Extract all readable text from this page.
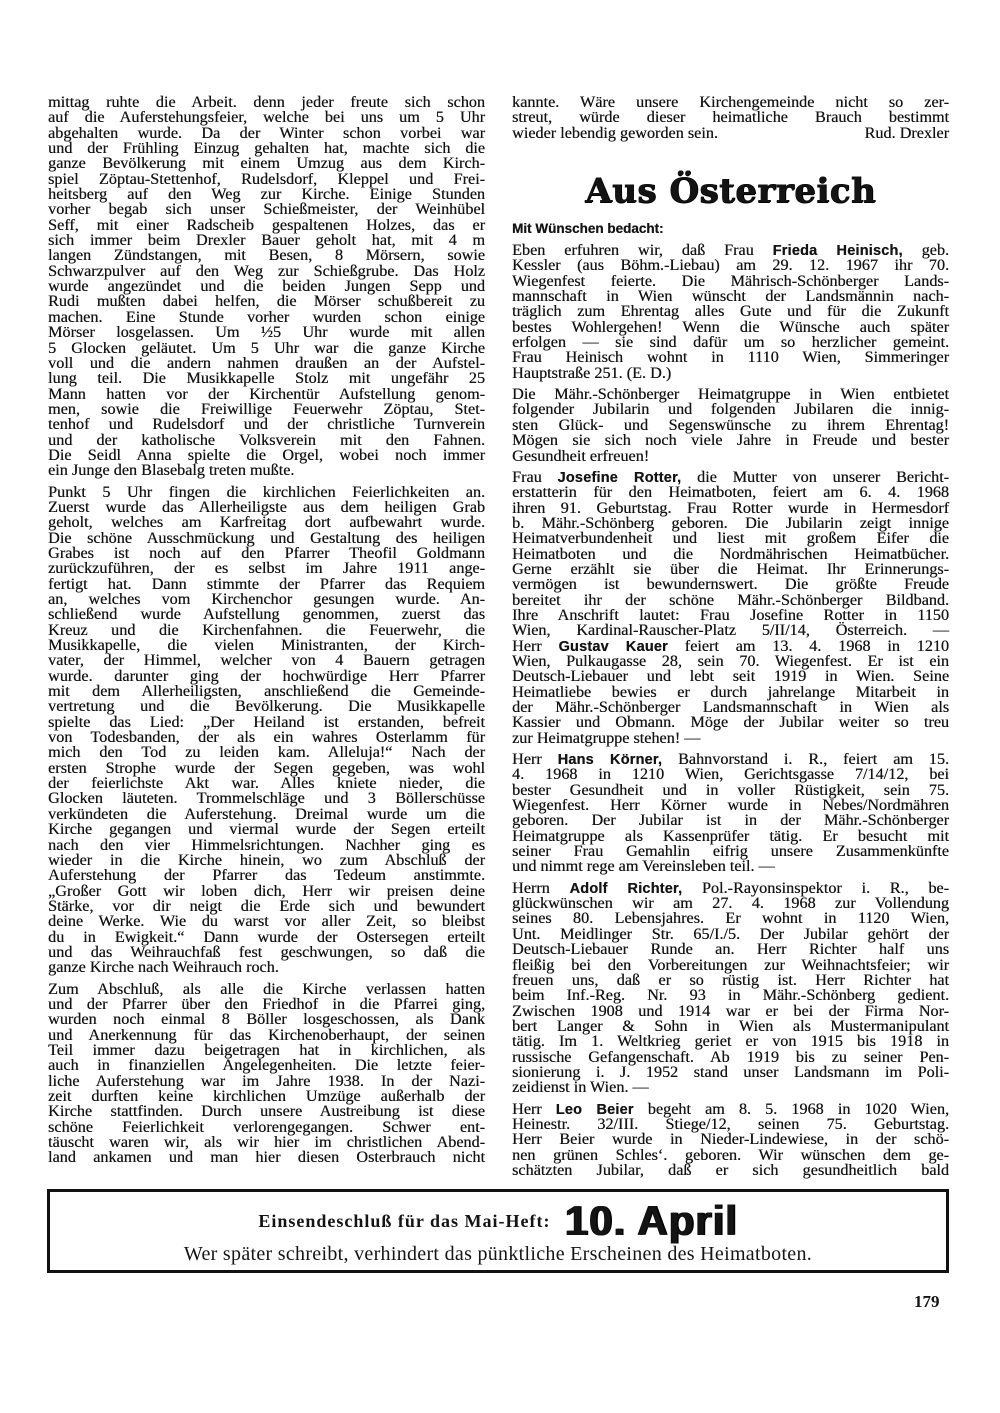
mittag ruhte die Arbeit. denn jeder freute sich schon
auf die Auferstehungsfeier, welche bei uns um 5 Uhr
abgehalten wurde. Da der Winter schon vorbei war
und der Frühling Einzug gehalten hat, machte sich die
ganze Bevölkerung mit einem Umzug aus dem Kirch-
spiel Zöptau-Stettenhof, Rudelsdorf, Kleppel und Frei-
heitsberg auf den Weg zur Kirche. Einige Stunden
vorher begab sich unser Schießmeister, der Weinhübel
Seff, mit einer Radscheib gespaltenen Holzes, das er
sich immer beim Drexler Bauer geholt hat, mit 4 m
langen Zündstangen, mit Besen, 8 Mörsern, sowie
Schwarzpulver auf den Weg zur Schießgrube. Das Holz
wurde angezündet und die beiden Jungen Sepp und
Rudi mußten dabei helfen, die Mörser schußbereit zu
machen. Eine Stunde vorher wurden schon einige
Mörser losgelassen. Um ½5 Uhr wurde mit allen
5 Glocken geläutet. Um 5 Uhr war die ganze Kirche
voll und die andern nahmen draußen an der Aufstel-
lung teil. Die Musikkapelle Stolz mit ungefähr 25
Mann hatten vor der Kirchentür Aufstellung genom-
men, sowie die Freiwillige Feuerwehr Zöptau, Stet-
tenhof und Rudelsdorf und der christliche Turnverein
und der katholische Volksverein mit den Fahnen.
Die Seidl Anna spielte die Orgel, wobei noch immer
ein Junge den Blasebalg treten mußte.
Punkt 5 Uhr fingen die kirchlichen Feierlichkeiten an.
Zuerst wurde das Allerheiligste aus dem heiligen Grab
geholt, welches am Karfreitag dort aufbewahrt wurde.
Die schöne Ausschmückung und Gestaltung des heiligen
Grabes ist noch auf den Pfarrer Theofil Goldmann
zurückzuführen, der es selbst im Jahre 1911 ange-
fertigt hat. Dann stimmte der Pfarrer das Requiem
an, welches vom Kirchenchor gesungen wurde. An-
schließend wurde Aufstellung genommen, zuerst das
Kreuz und die Kirchenfahnen. die Feuerwehr, die
Musikkapelle, die vielen Ministranten, der Kirch-
vater, der Himmel, welcher von 4 Bauern getragen
wurde. darunter ging der hochwürdige Herr Pfarrer
mit dem Allerheiligsten, anschließend die Gemeinde-
vertretung und die Bevölkerung. Die Musikkapelle
spielte das Lied: „Der Heiland ist erstanden, befreit
von Todesbanden, der als ein wahres Osterlamm für
mich den Tod zu leiden kam. Alleluja!“ Nach der
ersten Strophe wurde der Segen gegeben, was wohl
der feierlichste Akt war. Alles kniete nieder, die
Glocken läuteten. Trommelschläge und 3 Böllerschüsse
verkündeten die Auferstehung. Dreimal wurde um die
Kirche gegangen und viermal wurde der Segen erteilt
nach den vier Himmelsrichtungen. Nachher ging es
wieder in die Kirche hinein, wo zum Abschluß der
Auferstehung der Pfarrer das Tedeum anstimmte.
„Großer Gott wir loben dich, Herr wir preisen deine
Stärke, vor dir neigt die Erde sich und bewundert
deine Werke. Wie du warst vor aller Zeit, so bleibst
du in Ewigkeit.“ Dann wurde der Ostersegen erteilt
und das Weihrauchfaß fest geschwungen, so daß die
ganze Kirche nach Weihrauch roch.
Zum Abschluß, als alle die Kirche verlassen hatten
und der Pfarrer über den Friedhof in die Pfarrei ging,
wurden noch einmal 8 Böller losgeschossen, als Dank
und Anerkennung für das Kirchenoberhaupt, der seinen
Teil immer dazu beigetragen hat in kirchlichen, als
auch in finanziellen Angelegenheiten. Die letzte feier-
liche Auferstehung war im Jahre 1938. In der Nazi-
zeit durften keine kirchlichen Umzüge außerhalb der
Kirche stattfinden. Durch unsere Austreibung ist diese
schöne Feierlichkeit verlorengegangen. Schwer ent-
täuscht waren wir, als wir hier im christlichen Abend-
land ankamen und man hier diesen Osterbrauch nicht
kannte. Wäre unsere Kirchengemeinde nicht so zer-
streut, würde dieser heimatliche Brauch bestimmt
wieder lebendig geworden sein.	Rud. Drexler
Aus Österreich
Mit Wünschen bedacht:
Eben erfuhren wir, daß Frau Frieda Heinisch, geb.
Kessler (aus Böhm.-Liebau) am 29. 12. 1967 ihr 70.
Wiegenfest feierte. Die Mährisch-Schönberger Lands-
mannschaft in Wien wünscht der Landsmännin nach-
träglich zum Ehrentag alles Gute und für die Zukunft
bestes Wohlergehen! Wenn die Wünsche auch später
erfolgen — sie sind dafür um so herzlicher gemeint.
Frau Heinisch wohnt in 1110 Wien, Simmeringer
Hauptstraße 251. (E. D.)
Die Mähr.-Schönberger Heimatgruppe in Wien entbietet
folgender Jubilarin und folgenden Jubilaren die innig-
sten Glück- und Segenswünsche zu ihrem Ehrentag!
Mögen sie sich noch viele Jahre in Freude und bester
Gesundheit erfreuen!
Frau Josefine Rotter, die Mutter von unserer Bericht-
erstatterin für den Heimatboten, feiert am 6. 4. 1968
ihren 91. Geburtstag. Frau Rotter wurde in Hermesdorf
b. Mähr.-Schönberg geboren. Die Jubilarin zeigt innige
Heimatverbundenheit und liest mit großem Eifer die
Heimatboten und die Nordmährischen Heimatbücher.
Gerne erzählt sie über die Heimat. Ihr Erinnerungs-
vermögen ist bewundernswert. Die größte Freude
bereitet ihr der schöne Mähr.-Schönberger Bildband.
Ihre Anschrift lautet: Frau Josefine Rotter in 1150
Wien, Kardinal-Rauscher-Platz 5/II/14, Österreich. —
Herr Gustav Kauer feiert am 13. 4. 1968 in 1210
Wien, Pulkaugasse 28, sein 70. Wiegenfest. Er ist ein
Deutsch-Liebauer und lebt seit 1919 in Wien. Seine
Heimatliebe bewies er durch jahrelange Mitarbeit in
der Mähr.-Schönberger Landsmannschaft in Wien als
Kassier und Obmann. Möge der Jubilar weiter so treu
zur Heimatgruppe stehen! —
Herr Hans Körner, Bahnvorstand i. R., feiert am 15.
4. 1968 in 1210 Wien, Gerichtsgasse 7/14/12, bei
bester Gesundheit und in voller Rüstigkeit, sein 75.
Wiegenfest. Herr Körner wurde in Nebes/Nordmähren
geboren. Der Jubilar ist in der Mähr.-Schönberger
Heimatgruppe als Kassenprüfer tätig. Er besucht mit
seiner Frau Gemahlin eifrig unsere Zusammenkünfte
und nimmt rege am Vereinsleben teil. —
Herrn Adolf Richter, Pol.-Rayonsinspektor i. R., be-
glückwünschen wir am 27. 4. 1968 zur Vollendung
seines 80. Lebensjahres. Er wohnt in 1120 Wien,
Unt. Meidlinger Str. 65/I./5. Der Jubilar gehört der
Deutsch-Liebauer Runde an. Herr Richter half uns
fleißig bei den Vorbereitungen zur Weihnachtsfeier; wir
freuen uns, daß er so rüstig ist. Herr Richter hat
beim Inf.-Reg. Nr. 93 in Mähr.-Schönberg gedient.
Zwischen 1908 und 1914 war er bei der Firma Nor-
bert Langer & Sohn in Wien als Mustermanipulant
tätig. Im 1. Weltkrieg geriet er von 1915 bis 1918 in
russische Gefangenschaft. Ab 1919 bis zu seiner Pen-
sionierung i. J. 1952 stand unser Landsmann im Poli-
zeidienst in Wien. —
Herr Leo Beier begeht am 8. 5. 1968 in 1020 Wien,
Heinestr. 32/III. Stiege/12, seinen 75. Geburtstag.
Herr Beier wurde in Nieder-Lindewiese, in der schö-
nen grünen Schles‘. geboren. Wir wünschen dem ge-
schätzten Jubilar, daß er sich gesundheitlich bald
Einsendeschluß für das Mai-Heft: 10. April
Wer später schreibt, verhindert das pünktliche Erscheinen des Heimatboten.
179
